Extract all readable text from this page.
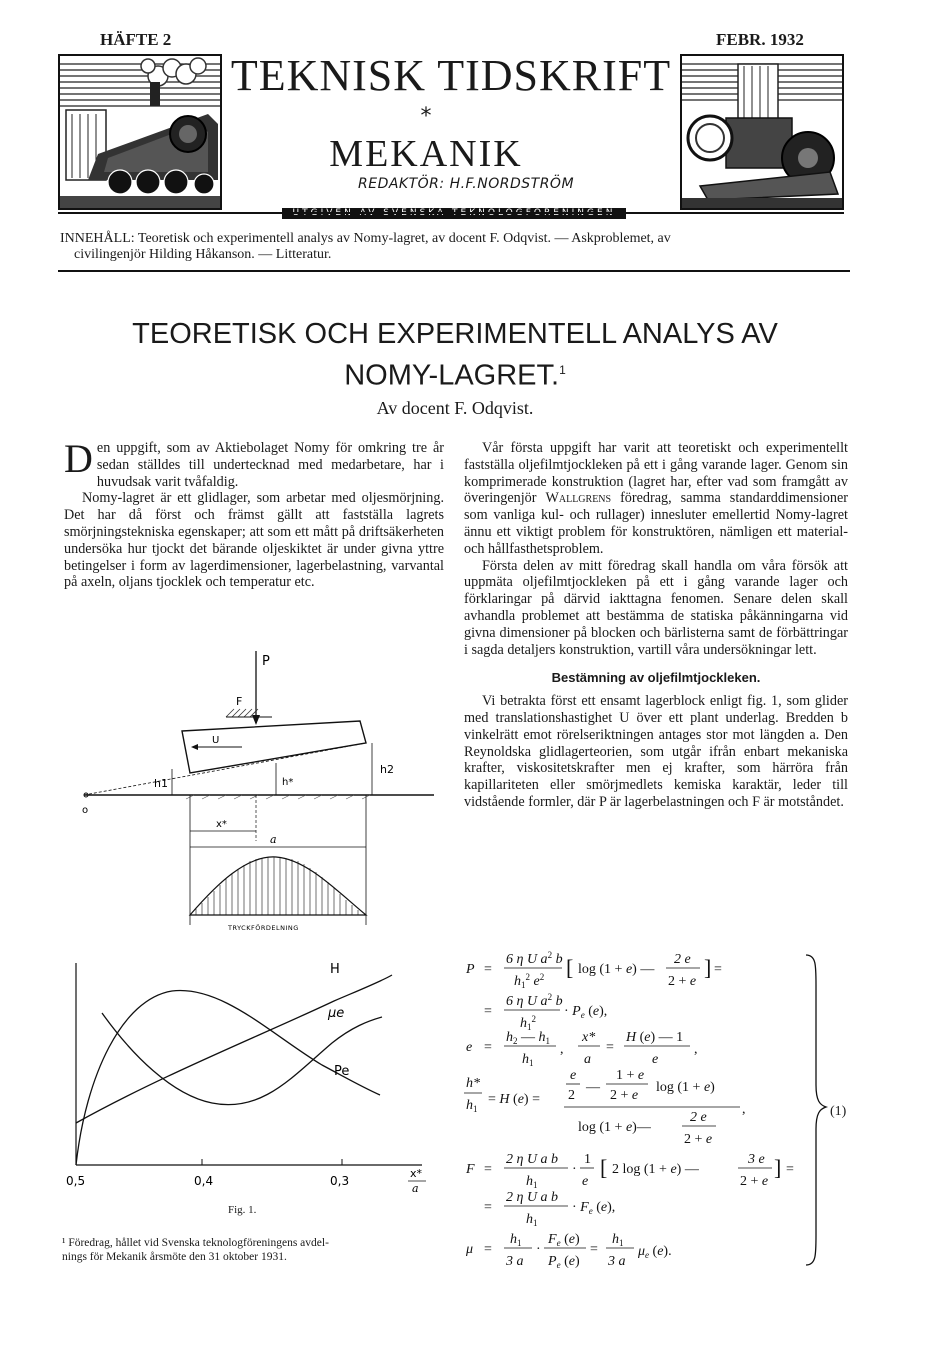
HÄFTE 2	FEBR. 1932
TEKNISK TIDSKRIFT
*
MEKANIK
REDAKTÖR: H.F.NORDSTRÖM
INNEHÅLL: Teoretisk och experimentell analys av Nomy-lagret, av docent F. Odqvist. — Askproblemet, av
civilingenjör Hilding Håkanson. — Litteratur.
TEORETISK OCH EXPERIMENTELL ANALYS AV
NOMY-LAGRET.$^1$
Av docent F. Odqvist.

Den uppgift, som av Aktiebolaget Nomy för omkring tre år sedan ställdes till undertecknad med medarbetare, har i huvudsak varit tvåfaldig.

Nomy-lagret är ett glidlager, som arbetar med oljesmörjning. Det har då först och främst gällt att fastställa lagrets smörjningstekniska egenskaper; att som ett mått på driftsäkerheten undersöka hur tjockt det bärande oljeskiktet är under givna yttre betingelser i form av lagerdimensioner, lagerbelastning, varvantal på axeln, oljans tjocklek och temperatur etc.

P
F
U
o
h1	h*
h2
x*
a
TRYCKFÖRDELNING
H
μe
Pe
0,5	0,4	0,3
x*
a
Fig. 1.
¹ Föredrag, hållet vid Svenska teknologföreningens avdel-
nings för Mekanik årsmöte den 31 oktober 1931.

Vår första uppgift har varit att teoretiskt och experimentellt fastställa oljefilmtjockleken på ett i gång varande lager. Genom sin komprimerade konstruktion (lagret har, efter vad som framgått av överingenjör Wallgrens föredrag, samma standarddimensioner som vanliga kul- och rullager) innesluter emellertid Nomy-lagret ännu ett viktigt problem för konstruktören, nämligen ett material- och hållfasthetsproblem.

Första delen av mitt föredrag skall handla om våra försök att uppmäta oljefilmtjockleken på ett i gång varande lager och förklaringar på därvid iakttagna fenomen. Senare delen skall avhandla problemet att bestämma de statiska påkänningarna vid givna dimensioner på blocken och bärlisterna samt de förbättringar i sagda detaljers konstruktion, vartill våra undersökningar lett.

Bestämning av oljefilmtjockleken.

Vi betrakta först ett ensamt lagerblock enligt fig. 1, som glider med translationshastighet U över ett plant underlag. Bredden b vinkelrätt emot rörelseriktningen antages stor mot längden a. Den Reynoldska glidlagerteorien, som utgår ifrån enbart mekaniska krafter, viskositetskrafter men ej krafter, som härröra från kapillariteten eller smörjmedlets kemiska karaktär, leder till vidstående formler, där P är lagerbelastningen och F är motståndet.

P =
6 η U $a^2$ b
$h_1^2$ $e^2$ [ log (1 + e) —
2 e
2 + e
] =
=
6 η U $a^2$ b
$h_1^2 \cdot P_e$ (e),
e =
$h_2$ — $h_1$
$h_1$
,
x*
a
=
H (e) — 1
e
,
h*
$h_1$
= H (e) =
e
2
—
1 + e
2 + e
log (1 + e)
log (1 + e)—
2 e
2 + e
,
F =
2 η U a b
$h_1$
·
1
e
[ 2 log (1 + e) —
3 e
2 + e
] =
=
2 η U a b
$h_1$
· $F_e$ (e),
μ =
$h_1$
3 a
·
$F_e$ (e)
$P_e$ (e)
=
$h_1$
3 a
$\mu_e$ (e).
(1)
